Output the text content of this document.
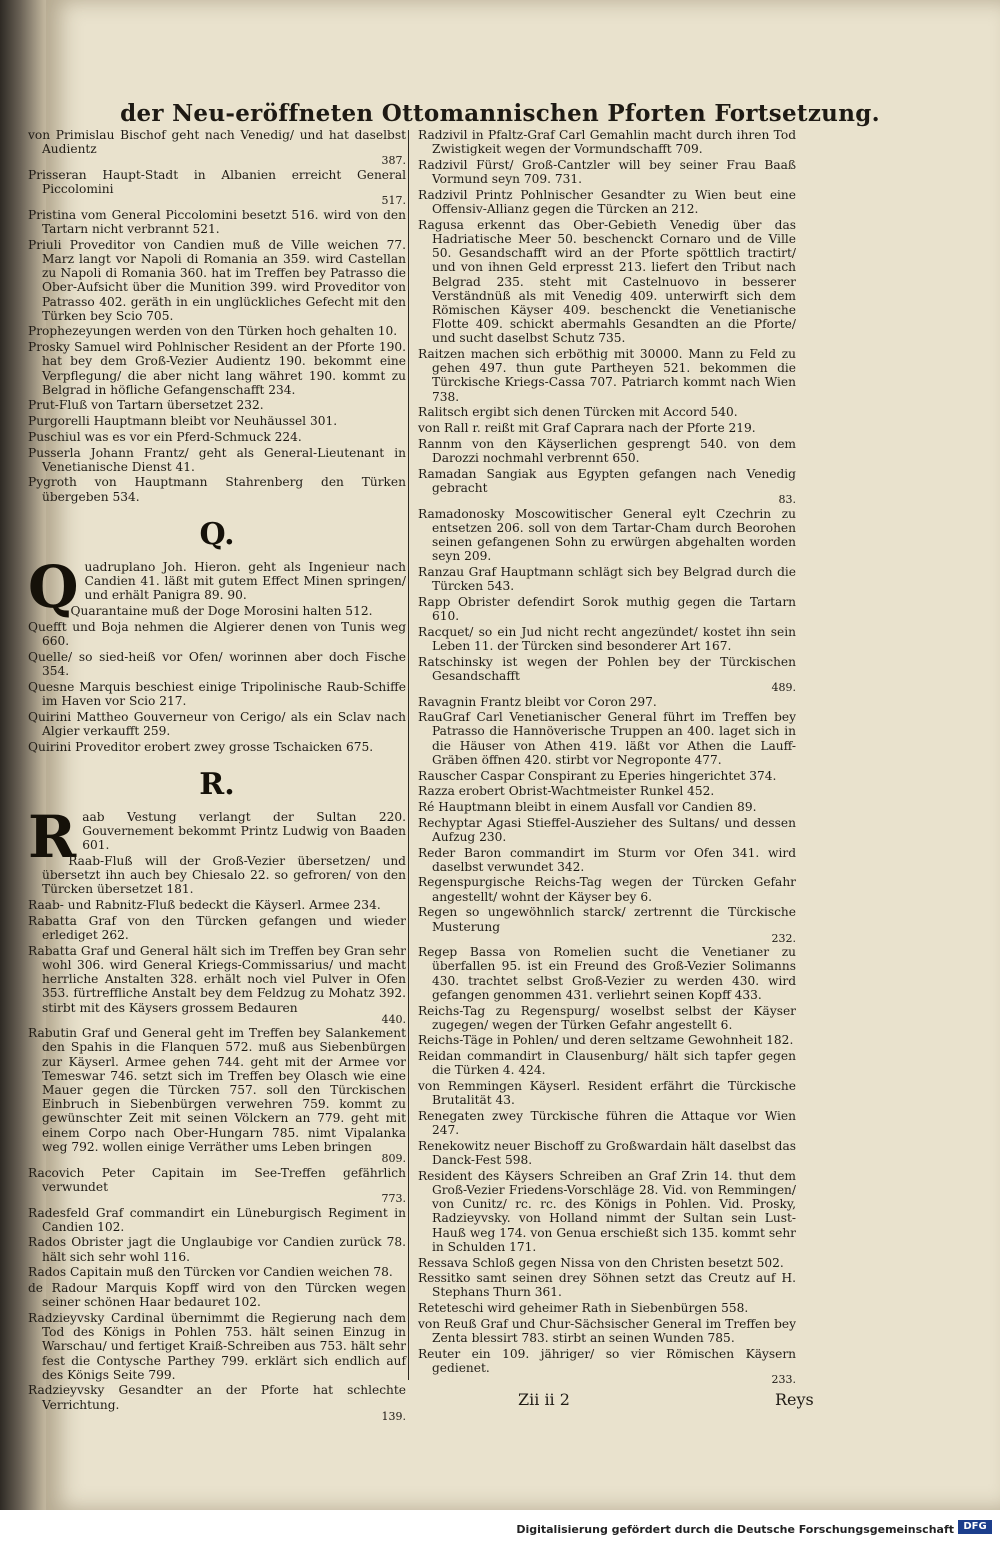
der Neu-eröffneten Ottomannischen Pforten Fortsetzung.
von Primislau Bischof geht nach Venedig/ und hat daselbst Audientz
387.
Prisseran Haupt-Stadt in Albanien erreicht General Piccolomini
517.
Pristina vom General Piccolomini besetzt 516. wird von den Tartarn nicht verbrannt 521.
Priuli Proveditor von Candien muß de Ville weichen 77. Marz langt vor Napoli di Romania an 359. wird Castellan zu Napoli di Romania 360. hat im Treffen bey Patrasso die Ober-Aufsicht über die Munition 399. wird Proveditor von Patrasso 402. geräth in ein unglückliches Gefecht mit den Türken bey Scio 705.
Prophezeyungen werden von den Türken hoch gehalten 10.
Prosky Samuel wird Pohlnischer Resident an der Pforte 190. hat bey dem Groß-Vezier Audientz 190. bekommt eine Verpflegung/ die aber nicht lang währet 190. kommt zu Belgrad in höfliche Gefangenschafft 234.
Prut-Fluß von Tartarn übersetzet 232.
Purgorelli Hauptmann bleibt vor Neuhäussel 301.
Puschiul was es vor ein Pferd-Schmuck 224.
Pusserla Johann Frantz/ geht als General-Lieutenant in Venetianische Dienst 41.
Pygroth von Hauptmann Stahrenberg den Türken übergeben 534.
Q.
Quadruplano Joh. Hieron. geht als Ingenieur nach Candien 41. läßt mit gutem Effect Minen springen/ und erhält Panigra 89. 90.
Quarantaine muß der Doge Morosini halten 512.
Quefft und Boja nehmen die Algierer denen von Tunis weg 660.
Quelle/ so sied-heiß vor Ofen/ worinnen aber doch Fische 354.
Quesne Marquis beschiest einige Tripolinische Raub-Schiffe im Haven vor Scio 217.
Quirini Mattheo Gouverneur von Cerigo/ als ein Sclav nach Algier verkaufft 259.
Quirini Proveditor erobert zwey grosse Tschaicken 675.
R.
Raab Vestung verlangt der Sultan 220. Gouvernement bekommt Printz Ludwig von Baaden 601.
Raab-Fluß will der Groß-Vezier übersetzen/ und übersetzt ihn auch bey Chiesalo 22. so gefroren/ von den Türcken übersetzet 181.
Raab- und Rabnitz-Fluß bedeckt die Käyserl. Armee 234.
Rabatta Graf von den Türcken gefangen und wieder erlediget 262.
Rabatta Graf und General hält sich im Treffen bey Gran sehr wohl 306. wird General Kriegs-Commissarius/ und macht herrliche Anstalten 328. erhält noch viel Pulver in Ofen 353. fürtreffliche Anstalt bey dem Feldzug zu Mohatz 392. stirbt mit des Käysers grossem Bedauren
440.
Rabutin Graf und General geht im Treffen bey Salankement den Spahis in die Flanquen 572. muß aus Siebenbürgen zur Käyserl. Armee gehen 744. geht mit der Armee vor Temeswar 746. setzt sich im Treffen bey Olasch wie eine Mauer gegen die Türcken 757. soll den Türckischen Einbruch in Siebenbürgen verwehren 759. kommt zu gewünschter Zeit mit seinen Völckern an 779. geht mit einem Corpo nach Ober-Hungarn 785. nimt Vipalanka weg 792. wollen einige Verräther ums Leben bringen
809.
Racovich Peter Capitain im See-Treffen gefährlich verwundet
773.
Radesfeld Graf commandirt ein Lüneburgisch Regiment in Candien 102.
Rados Obrister jagt die Unglaubige vor Candien zurück 78. hält sich sehr wohl 116.
Rados Capitain muß den Türcken vor Candien weichen 78.
de Radour Marquis Kopff wird von den Türcken wegen seiner schönen Haar bedauret 102.
Radzieyvsky Cardinal übernimmt die Regierung nach dem Tod des Königs in Pohlen 753. hält seinen Einzug in Warschau/ und fertiget Kraiß-Schreiben aus 753. hält sehr fest die Contysche Parthey 799. erklärt sich endlich auf des Königs Seite 799.
Radzieyvsky Gesandter an der Pforte hat schlechte Verrichtung.
139.
Radzivil in Pfaltz-Graf Carl Gemahlin macht durch ihren Tod Zwistigkeit wegen der Vormundschafft 709.
Radzivil Fürst/ Groß-Cantzler will bey seiner Frau Baaß Vormund seyn 709. 731.
Radzivil Printz Pohlnischer Gesandter zu Wien beut eine Offensiv-Allianz gegen die Türcken an 212.
Ragusa erkennt das Ober-Gebieth Venedig über das Hadriatische Meer 50. beschenckt Cornaro und de Ville 50. Gesandschafft wird an der Pforte spöttlich tractirt/ und von ihnen Geld erpresst 213. liefert den Tribut nach Belgrad 235. steht mit Castelnuovo in besserer Verständnüß als mit Venedig 409. unterwirft sich dem Römischen Käyser 409. beschenckt die Venetianische Flotte 409. schickt abermahls Gesandten an die Pforte/ und sucht daselbst Schutz 735.
Raitzen machen sich erböthig mit 30000. Mann zu Feld zu gehen 497. thun gute Partheyen 521. bekommen die Türckische Kriegs-Cassa 707. Patriarch kommt nach Wien 738.
Ralitsch ergibt sich denen Türcken mit Accord 540.
von Rall r. reißt mit Graf Caprara nach der Pforte 219.
Rannm von den Käyserlichen gesprengt 540. von dem Darozzi nochmahl verbrennt 650.
Ramadan Sangiak aus Egypten gefangen nach Venedig gebracht
83.
Ramadonosky Moscowitischer General eylt Czechrin zu entsetzen 206. soll von dem Tartar-Cham durch Beorohen seinen gefangenen Sohn zu erwürgen abgehalten worden seyn 209.
Ranzau Graf Hauptmann schlägt sich bey Belgrad durch die Türcken 543.
Rapp Obrister defendirt Sorok muthig gegen die Tartarn 610.
Racquet/ so ein Jud nicht recht angezündet/ kostet ihn sein Leben 11. der Türcken sind besonderer Art 167.
Ratschinsky ist wegen der Pohlen bey der Türckischen Gesandschafft
489.
Ravagnin Frantz bleibt vor Coron 297.
RauGraf Carl Venetianischer General führt im Treffen bey Patrasso die Hannöverische Truppen an 400. laget sich in die Häuser von Athen 419. läßt vor Athen die Lauff-Gräben öffnen 420. stirbt vor Negroponte 477.
Rauscher Caspar Conspirant zu Eperies hingerichtet 374.
Razza erobert Obrist-Wachtmeister Runkel 452.
Ré Hauptmann bleibt in einem Ausfall vor Candien 89.
Rechyptar Agasi Stieffel-Auszieher des Sultans/ und dessen Aufzug 230.
Reder Baron commandirt im Sturm vor Ofen 341. wird daselbst verwundet 342.
Regenspurgische Reichs-Tag wegen der Türcken Gefahr angestellt/ wohnt der Käyser bey 6.
Regen so ungewöhnlich starck/ zertrennt die Türckische Musterung
232.
Regep Bassa von Romelien sucht die Venetianer zu überfallen 95. ist ein Freund des Groß-Vezier Solimanns 430. trachtet selbst Groß-Vezier zu werden 430. wird gefangen genommen 431. verliehrt seinen Kopff 433.
Reichs-Tag zu Regenspurg/ woselbst selbst der Käyser zugegen/ wegen der Türken Gefahr angestellt 6.
Reichs-Täge in Pohlen/ und deren seltzame Gewohnheit 182.
Reidan commandirt in Clausenburg/ hält sich tapfer gegen die Türken 4. 424.
von Remmingen Käyserl. Resident erfährt die Türckische Brutalität 43.
Renegaten zwey Türckische führen die Attaque vor Wien 247.
Renekowitz neuer Bischoff zu Großwardain hält daselbst das Danck-Fest 598.
Resident des Käysers Schreiben an Graf Zrin 14. thut dem Groß-Vezier Friedens-Vorschläge 28. Vid. von Remmingen/ von Cunitz/ rc. rc. des Königs in Pohlen. Vid. Prosky, Radzieyvsky. von Holland nimmt der Sultan sein Lust-Hauß weg 174. von Genua erschießt sich 135. kommt sehr in Schulden 171.
Ressava Schloß gegen Nissa von den Christen besetzt 502.
Ressitko samt seinen drey Söhnen setzt das Creutz auf H. Stephans Thurn 361.
Reteteschi wird geheimer Rath in Siebenbürgen 558.
von Reuß Graf und Chur-Sächsischer General im Treffen bey Zenta blessirt 783. stirbt an seinen Wunden 785.
Reuter ein 109. jähriger/ so vier Römischen Käysern gedienet.
233.
Zii ii 2	Reys
Digitalisierung gefördert durch die Deutsche Forschungsgemeinschaft DFG
